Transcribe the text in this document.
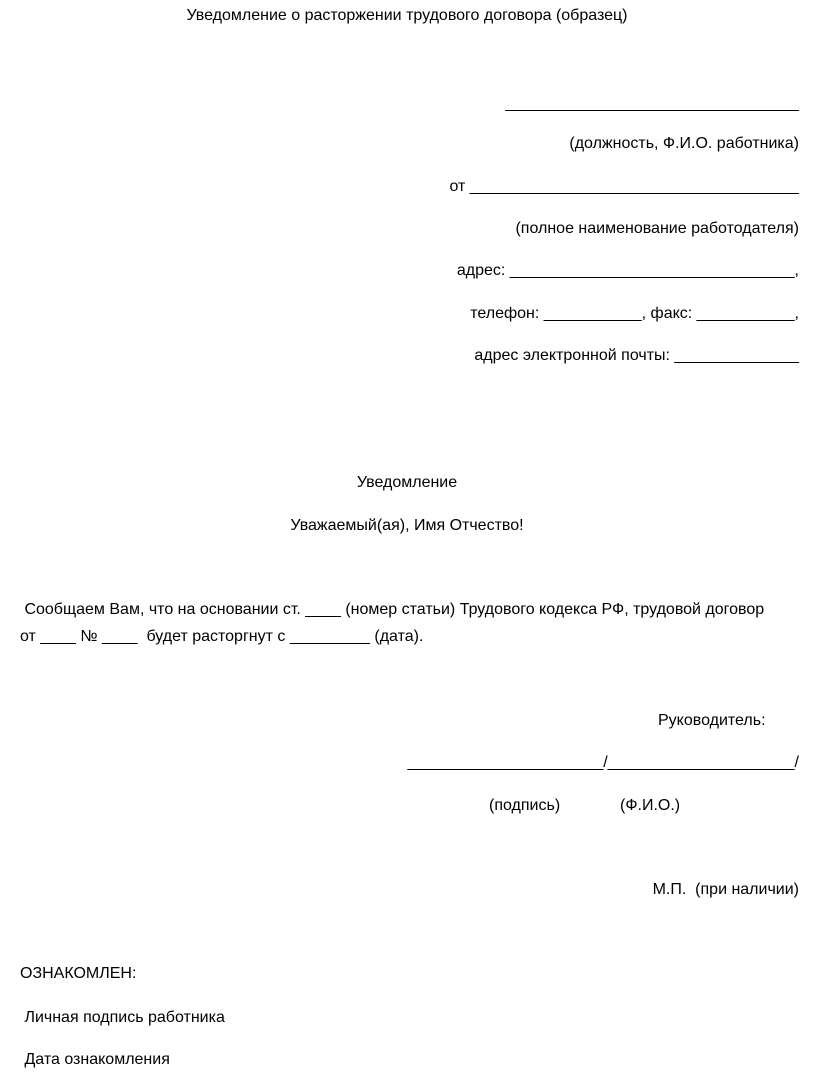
Уведомление о расторжении трудового договора (образец)
_________________________________
(должность, Ф.И.О. работника)
от _____________________________________
(полное наименование работодателя)
адрес: ________________________________,
телефон: ___________, факс: ___________,
адрес электронной почты: ______________
Уведомление
Уважаемый(ая), Имя Отчество!
Сообщаем Вам, что на основании ст. ____ (номер статьи) Трудового кодекса РФ, трудовой договор
от ____ № ____  будет расторгнут с _________ (дата).
Руководитель:
______________________/_____________________/
(подпись)	(Ф.И.О.)
М.П.  (при наличии)
ОЗНАКОМЛЕН:
Личная подпись работника
Дата ознакомления
